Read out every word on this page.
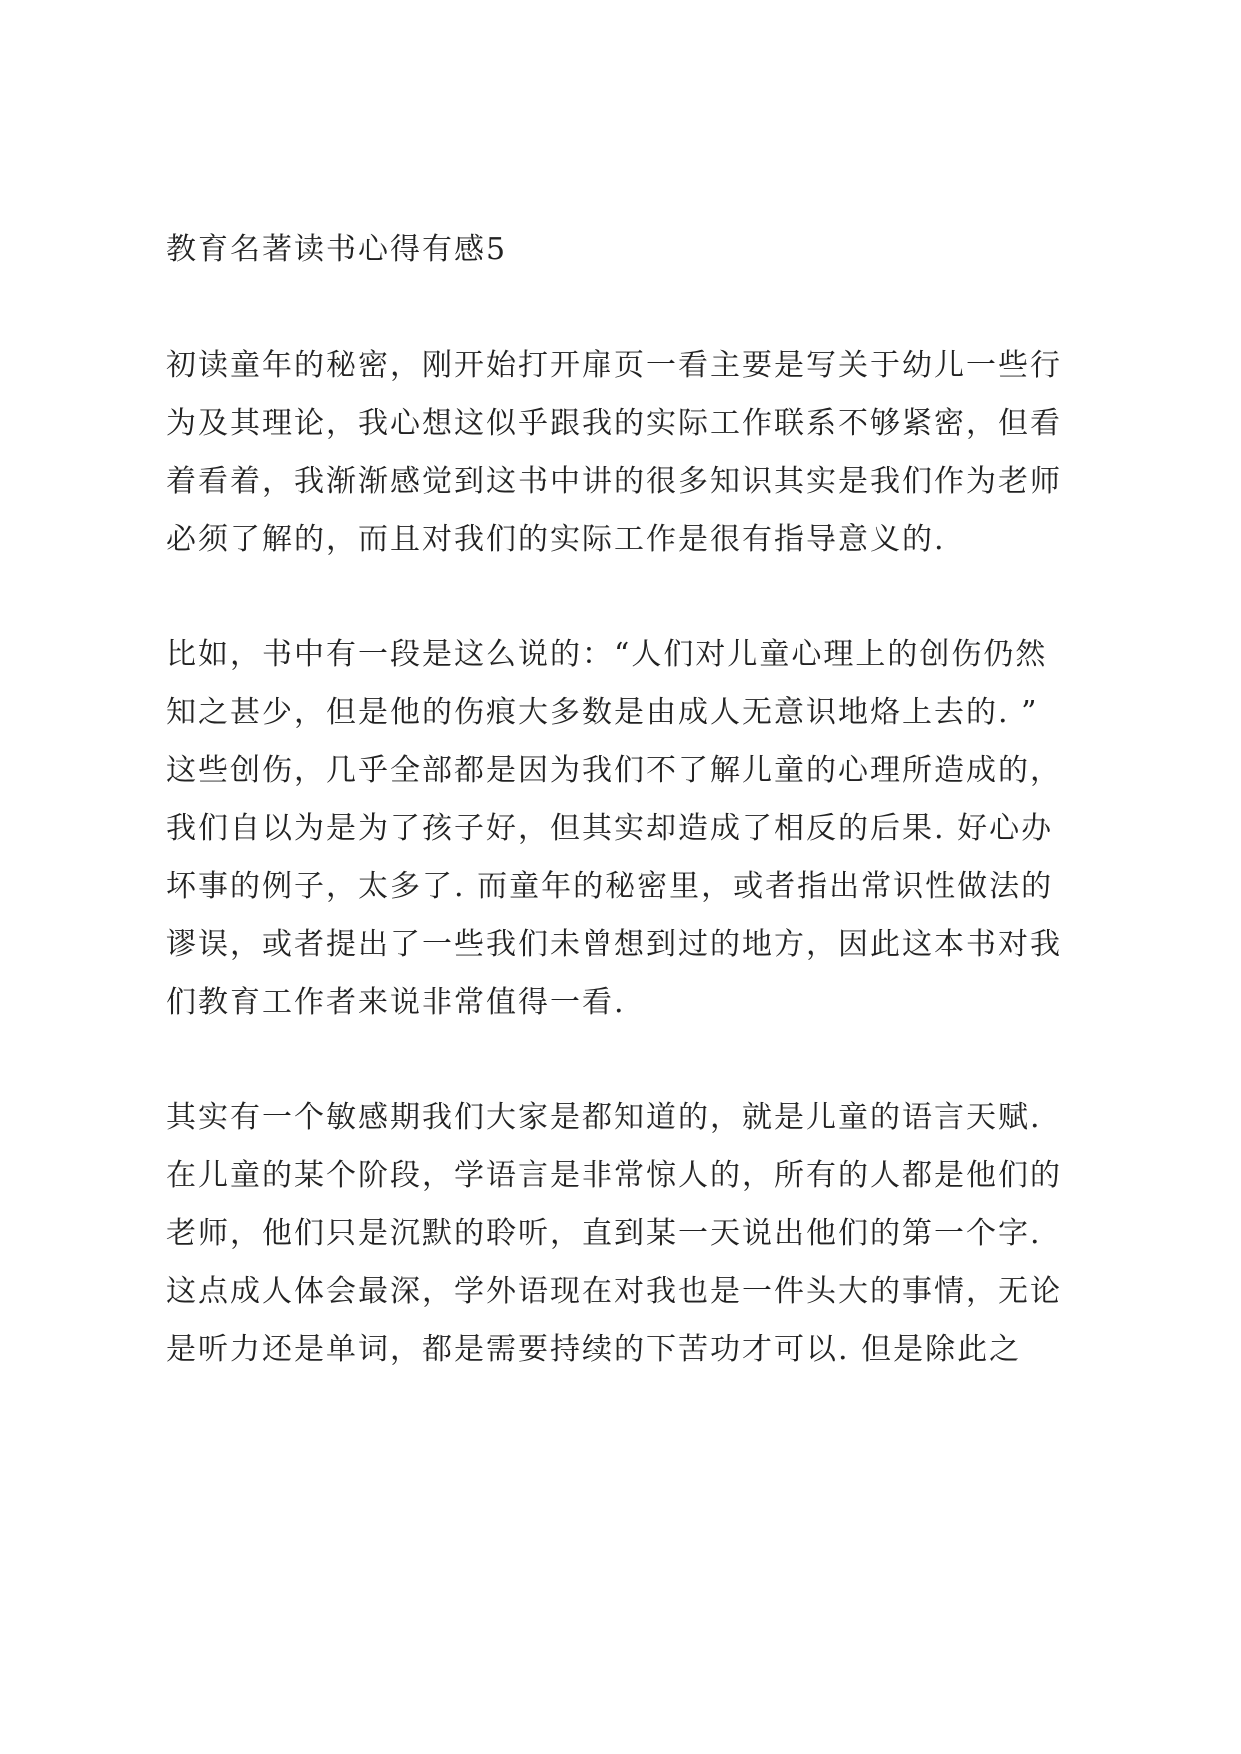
教育名著读书心得有感5

初读童年的秘密，刚开始打开扉页一看主要是写关于幼儿一些行

为及其理论，我心想这似乎跟我的实际工作联系不够紧密，但看

着看着，我渐渐感觉到这书中讲的很多知识其实是我们作为老师

必须了解的，而且对我们的实际工作是很有指导意义的.

比如，书中有一段是这么说的：“人们对儿童心理上的创伤仍然

知之甚少，但是他的伤痕大多数是由成人无意识地烙上去的. ”

这些创伤，几乎全部都是因为我们不了解儿童的心理所造成的，

我们自以为是为了孩子好，但其实却造成了相反的后果. 好心办

坏事的例子，太多了. 而童年的秘密里，或者指出常识性做法的

谬误，或者提出了一些我们未曾想到过的地方，因此这本书对我

们教育工作者来说非常值得一看.

其实有一个敏感期我们大家是都知道的，就是儿童的语言天赋.

在儿童的某个阶段，学语言是非常惊人的，所有的人都是他们的

老师，他们只是沉默的聆听，直到某一天说出他们的第一个字.

这点成人体会最深，学外语现在对我也是一件头大的事情，无论

是听力还是单词，都是需要持续的下苦功才可以. 但是除此之
